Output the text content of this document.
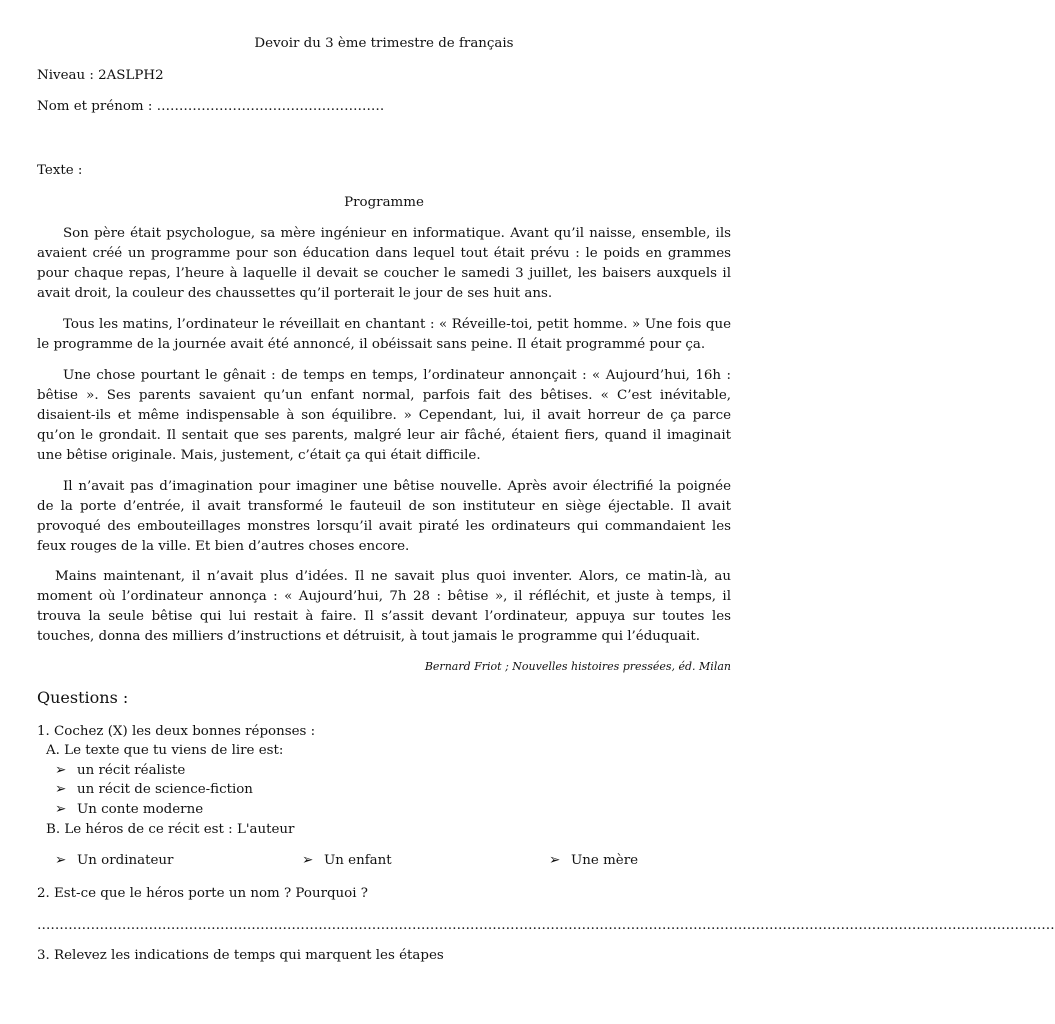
Devoir du 3 ème trimestre de français
Niveau : 2ASLPH2
Nom et prénom : ……………………………………………
Texte :
Programme

Son père était psychologue, sa mère ingénieur en informatique. Avant qu’il naisse, ensemble, ils avaient créé un programme pour son éducation dans lequel tout était prévu : le poids en grammes pour chaque repas, l’heure à laquelle il devait se coucher le samedi 3 juillet, les baisers auxquels il avait droit, la couleur des chaussettes qu’il porterait le jour de ses huit ans.

Tous les matins, l’ordinateur le réveillait en chantant : « Réveille-toi, petit homme. » Une fois que le programme de la journée avait été annoncé, il obéissait sans peine. Il était programmé pour ça.

Une chose pourtant le gênait : de temps en temps, l’ordinateur annonçait : « Aujourd’hui, 16h : bêtise ». Ses parents savaient qu’un enfant normal, parfois fait des bêtises. « C’est inévitable, disaient-ils et même indispensable à son équilibre. » Cependant, lui, il avait horreur de ça parce qu’on le grondait. Il sentait que ses parents, malgré leur air fâché, étaient fiers, quand il imaginait une bêtise originale. Mais, justement, c’était ça qui était difficile.

Il n’avait pas d’imagination pour imaginer une bêtise nouvelle. Après avoir électrifié la poignée de la porte d’entrée, il avait transformé le fauteuil de son instituteur en siège éjectable. Il avait provoqué des embouteillages monstres lorsqu’il avait piraté les ordinateurs qui commandaient les feux rouges de la ville. Et bien d’autres choses encore.

Mains maintenant, il n’avait plus d’idées. Il ne savait plus quoi inventer. Alors, ce matin-là, au moment où l’ordinateur annonça : « Aujourd’hui, 7h 28 : bêtise », il réfléchit, et juste à temps, il trouva la seule bêtise qui lui restait à faire. Il s’assit devant l’ordinateur, appuya sur toutes les touches, donna des milliers d’instructions et détruisit, à tout jamais le programme qui l’éduquait.

Bernard Friot ; Nouvelles histoires pressées, éd. Milan
Questions :
1. Cochez (X) les deux bonnes réponses :
A. Le texte que tu viens de lire est:
➢ un récit réaliste
➢ un récit de science-fiction
➢ Un conte moderne
B. Le héros de ce récit est : L'auteur
➢ Un ordinateur	➢ Un enfant	➢ Une mère
2. Est-ce que le héros porte un nom ? Pourquoi ?
…………………………………………………………………………………………………………………………………………………………………………………………………………
3. Relevez les indications de temps qui marquent les étapes
